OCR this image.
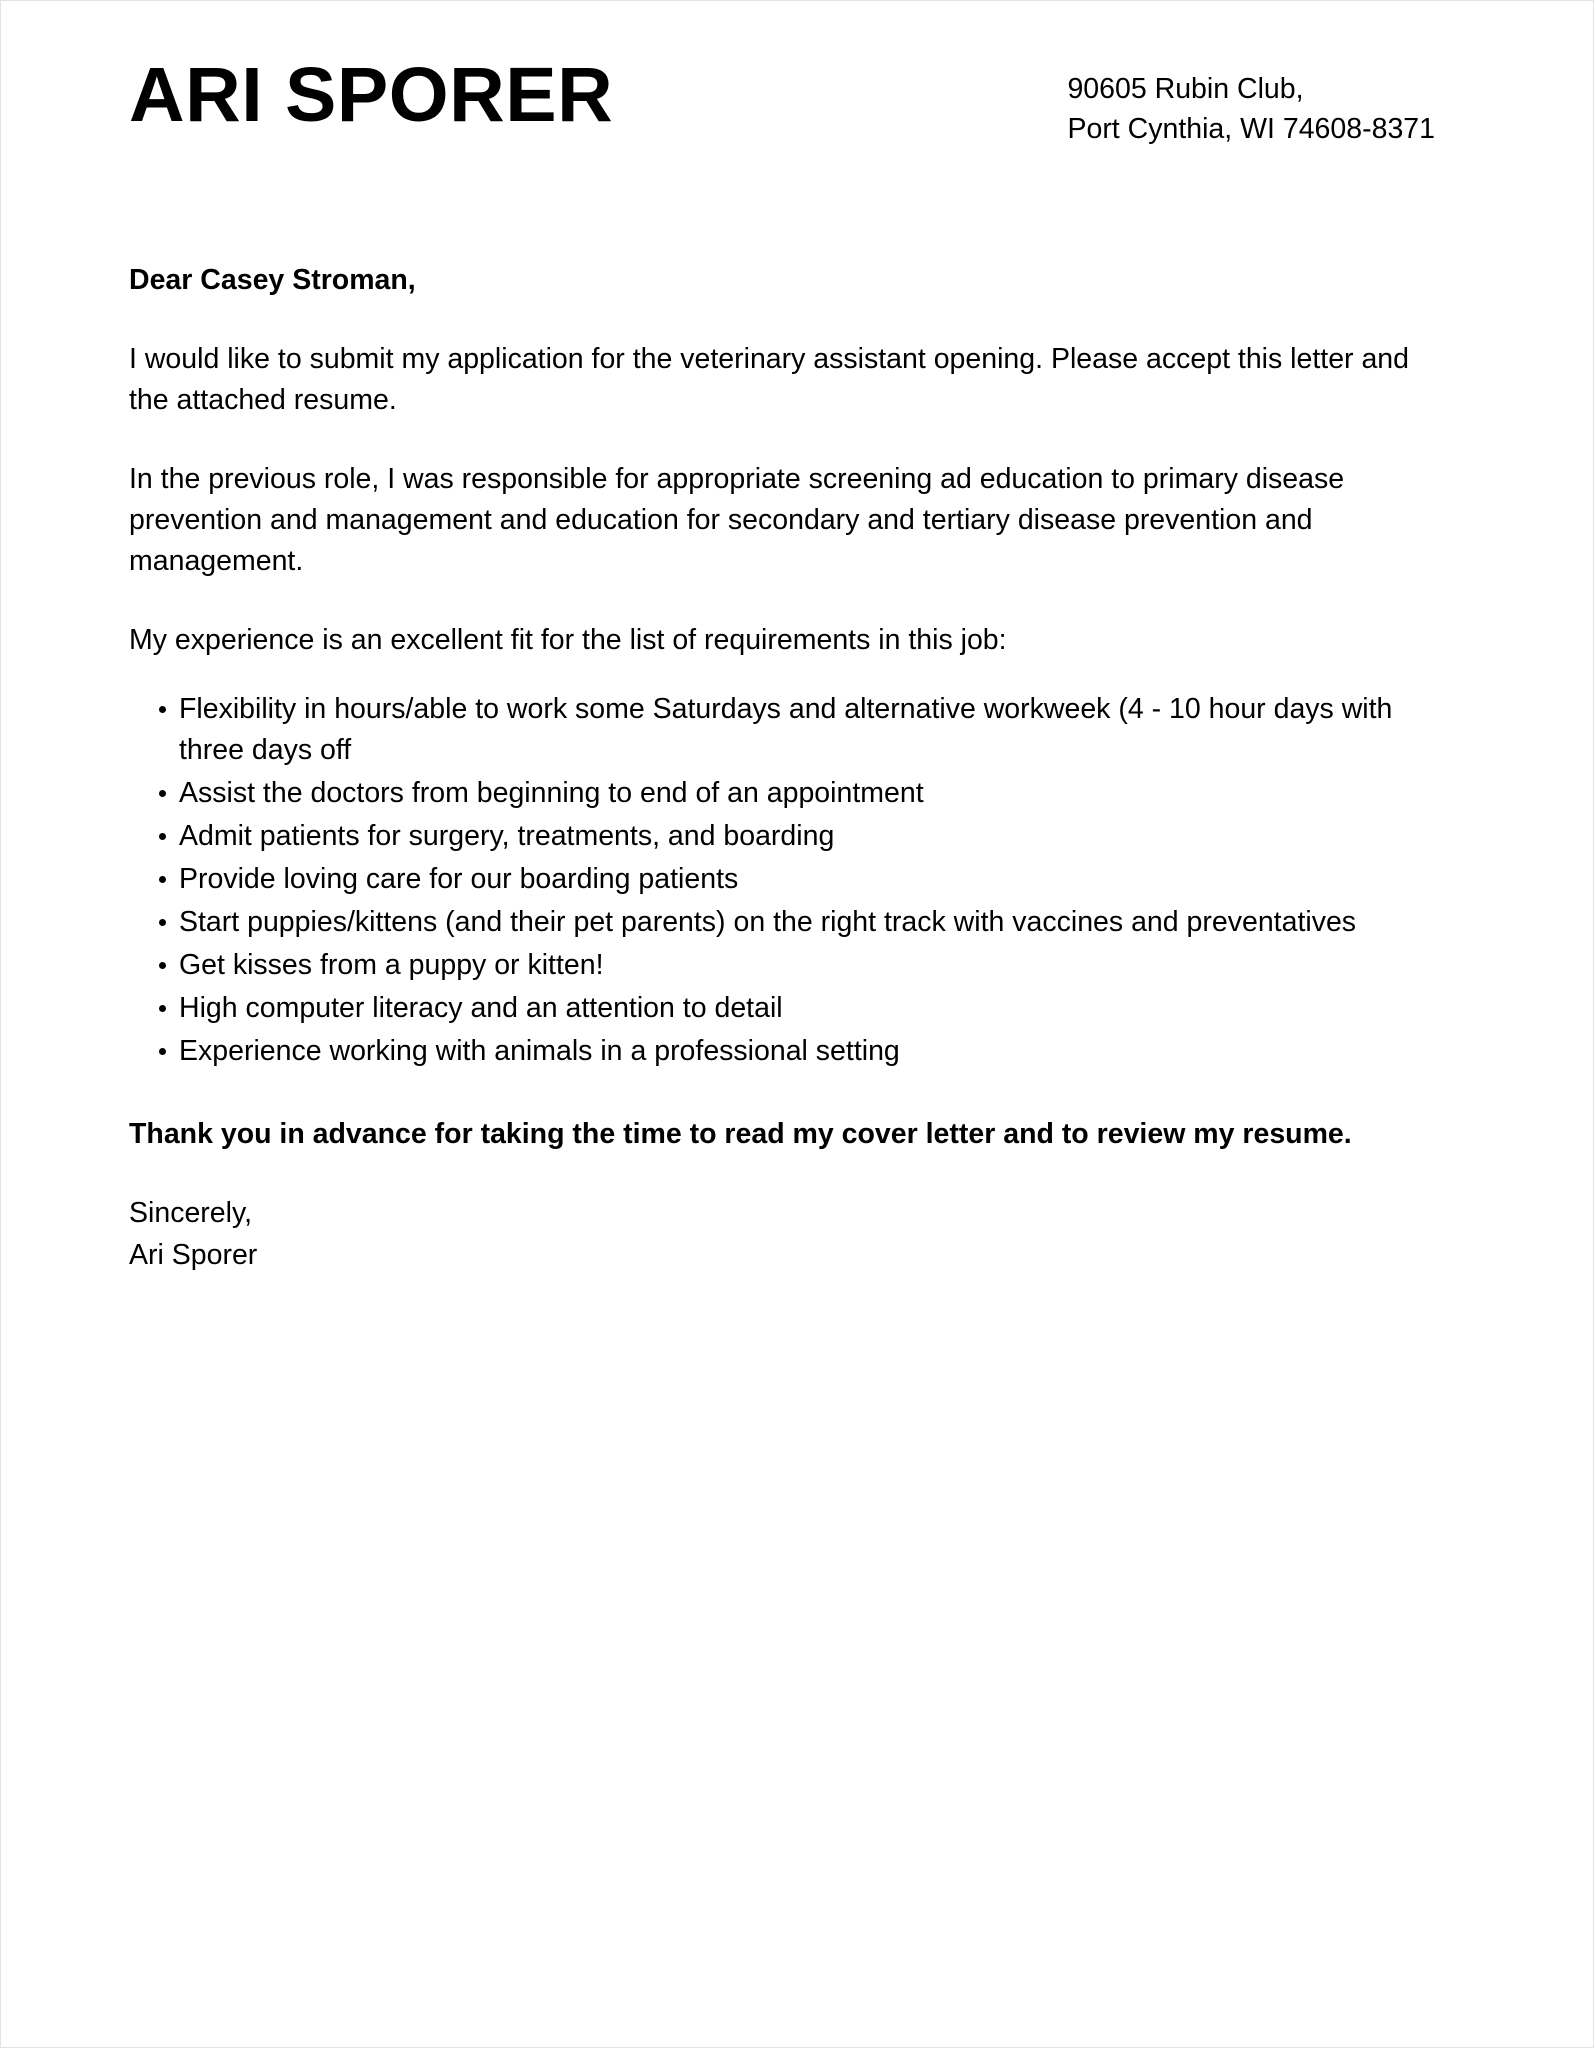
ARI SPORER	90605 Rubin Club,
Port Cynthia, WI 74608-8371

Dear Casey Stroman,

I would like to submit my application for the veterinary assistant opening. Please accept this letter and the attached resume.

In the previous role, I was responsible for appropriate screening ad education to primary disease prevention and management and education for secondary and tertiary disease prevention and management.

My experience is an excellent fit for the list of requirements in this job:

Flexibility in hours/able to work some Saturdays and alternative workweek (4 - 10 hour days with three days off
Assist the doctors from beginning to end of an appointment
Admit patients for surgery, treatments, and boarding
Provide loving care for our boarding patients
Start puppies/kittens (and their pet parents) on the right track with vaccines and preventatives
Get kisses from a puppy or kitten!
High computer literacy and an attention to detail
Experience working with animals in a professional setting

Thank you in advance for taking the time to read my cover letter and to review my resume.

Sincerely,

Ari Sporer
